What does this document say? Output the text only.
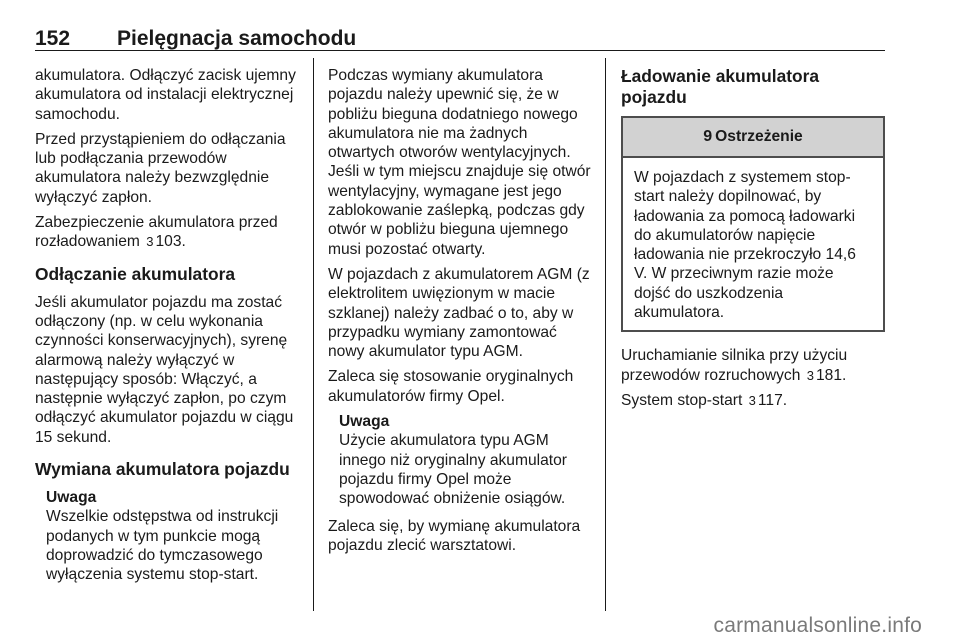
152 Pielęgnacja samochodu

akumulatora. Odłączyć zacisk ujemny akumulatora od instalacji elektrycznej samochodu.

Przed przystąpieniem do odłączania lub podłączania przewodów akumulatora należy bezwzględnie wyłączyć zapłon.

Zabezpieczenie akumulatora przed rozładowaniem 3 103.

Odłączanie akumulatora

Jeśli akumulator pojazdu ma zostać odłączony (np. w celu wykonania czynności konserwacyjnych), syrenę alarmową należy wyłączyć w następujący sposób: Włączyć, a następnie wyłączyć zapłon, po czym odłączyć akumulator pojazdu w ciągu 15 sekund.

Wymiana akumulatora pojazdu
Uwaga
Wszelkie odstępstwa od instrukcji podanych w tym punkcie mogą doprowadzić do tymczasowego wyłączenia systemu stop-start.

Podczas wymiany akumulatora pojazdu należy upewnić się, że w pobliżu bieguna dodatniego nowego akumulatora nie ma żadnych otwartych otworów wentylacyjnych. Jeśli w tym miejscu znajduje się otwór wentylacyjny, wymagane jest jego zablokowanie zaślepką, podczas gdy otwór w pobliżu bieguna ujemnego musi pozostać otwarty.

W pojazdach z akumulatorem AGM (z elektrolitem uwięzionym w macie szklanej) należy zadbać o to, aby w przypadku wymiany zamontować nowy akumulator typu AGM.

Zaleca się stosowanie oryginalnych akumulatorów firmy Opel.

Uwaga
Użycie akumulatora typu AGM innego niż oryginalny akumulator pojazdu firmy Opel może spowodować obniżenie osiągów.

Zaleca się, by wymianę akumulatora pojazdu zlecić warsztatowi.

Ładowanie akumulatora pojazdu
9 Ostrzeżenie
W pojazdach z systemem stop-start należy dopilnować, by ładowania za pomocą ładowarki do akumulatorów napięcie ładowania nie przekroczyło 14,6 V. W przeciwnym razie może dojść do uszkodzenia akumulatora.

Uruchamianie silnika przy użyciu przewodów rozruchowych 3 181.

System stop-start 3 117.

carmanualsonline.info
